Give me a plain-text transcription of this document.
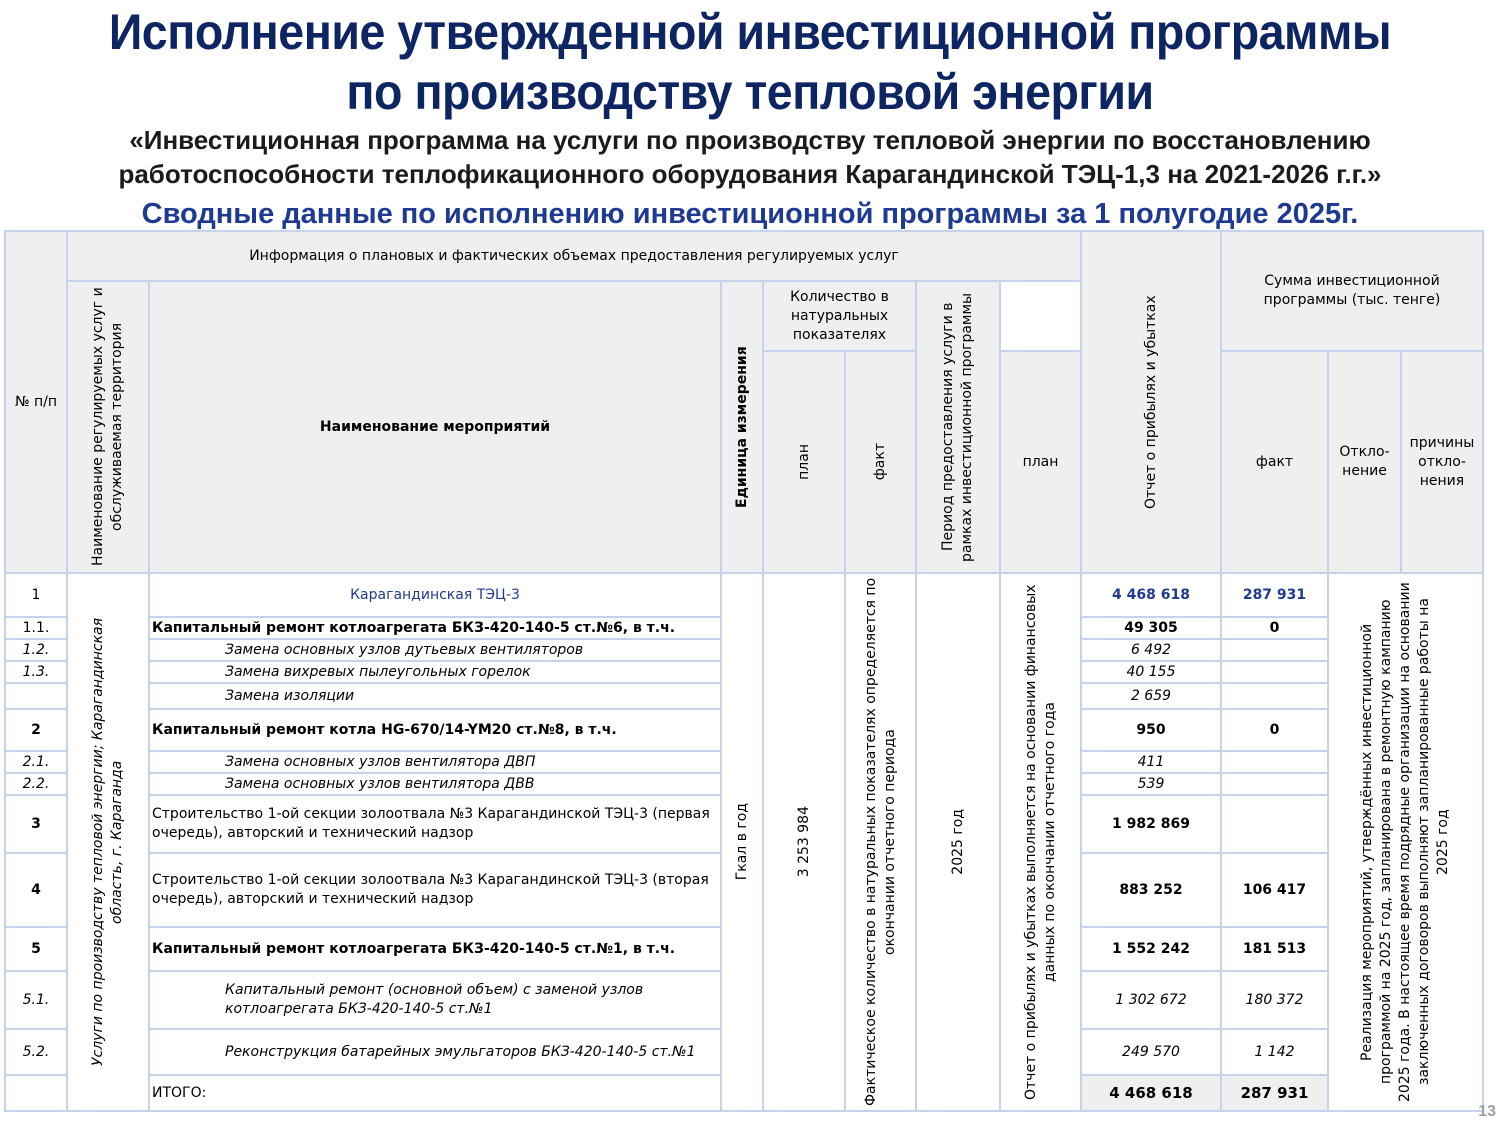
Исполнение утвержденной инвестиционной программы
по производству тепловой энергии
«Инвестиционная программа на услуги по производству тепловой энергии по восстановлению
работоспособности теплофикационного оборудования Карагандинской ТЭЦ-1,3 на 2021-2026 г.г.»
Сводные данные по исполнению инвестиционной программы за 1 полугодие 2025г.
№ п/п	Информация о плановых и фактических объемах предоставления регулируемых услуг							Отчет о прибылях и убытках	Сумма инвестиционной программы (тыс. тенге)		

	Наименование регулируемых услуг и обслуживаемая территория	Наименование мероприятий	Единица измерения	Количество в натуральных показателях		Период предоставления услуги в рамках инвестиционной программы					

				план	факт		план		факт	Откло-нение	причины откло-нения
1	Услуги по производству тепловой энергии; Карагандинская область, г. Караганда	Карагандинская ТЭЦ-3	Гкал в год	3 253 984	Фактическое количество в натуральных показателях определяется по окончании отчетного периода	2025 год	Отчет о прибылях и убытках выполняется на основании финансовых данных по окончании отчетного года	4 468 618	287 931	Реализация мероприятий, утверждённых инвестиционной программой на 2025 год, запланирована в ремонтную кампанию 2025 года. В настоящее время подрядные организации на основании заключенных договоров выполняют запланированные работы на 2025 год	

1.1.		Капитальный ремонт котлоагрегата БКЗ-420-140-5 ст.№6, в т.ч.						49 305	0		
1.2.		Замена основных узлов дутьевых вентиляторов						6 492			
1.3.		Замена вихревых пылеугольных горелок						40 155			
		Замена изоляции						2 659			
2		Капитальный ремонт котла HG-670/14-YM20 ст.№8, в т.ч.						950	0		
2.1.		Замена основных узлов вентилятора ДВП						411			
2.2.		Замена основных узлов вентилятора ДВВ						539			
3		Строительство 1-ой секции золоотвала №3 Карагандинской ТЭЦ-3 (первая очередь), авторский и технический надзор						1 982 869			
4		Строительство 1-ой секции золоотвала №3 Карагандинской ТЭЦ-3 (вторая очередь), авторский и технический надзор						883 252	106 417		
5		Капитальный ремонт котлоагрегата БКЗ-420-140-5 ст.№1, в т.ч.						1 552 242	181 513		
5.1.		Капитальный ремонт (основной объем) с заменой узлов котлоагрегата БКЗ-420-140-5 ст.№1						1 302 672	180 372		
5.2.		Реконструкция батарейных эмульгаторов БКЗ-420-140-5 ст.№1						249 570	1 142		
		ИТОГО:						4 468 618	287 931		
13
